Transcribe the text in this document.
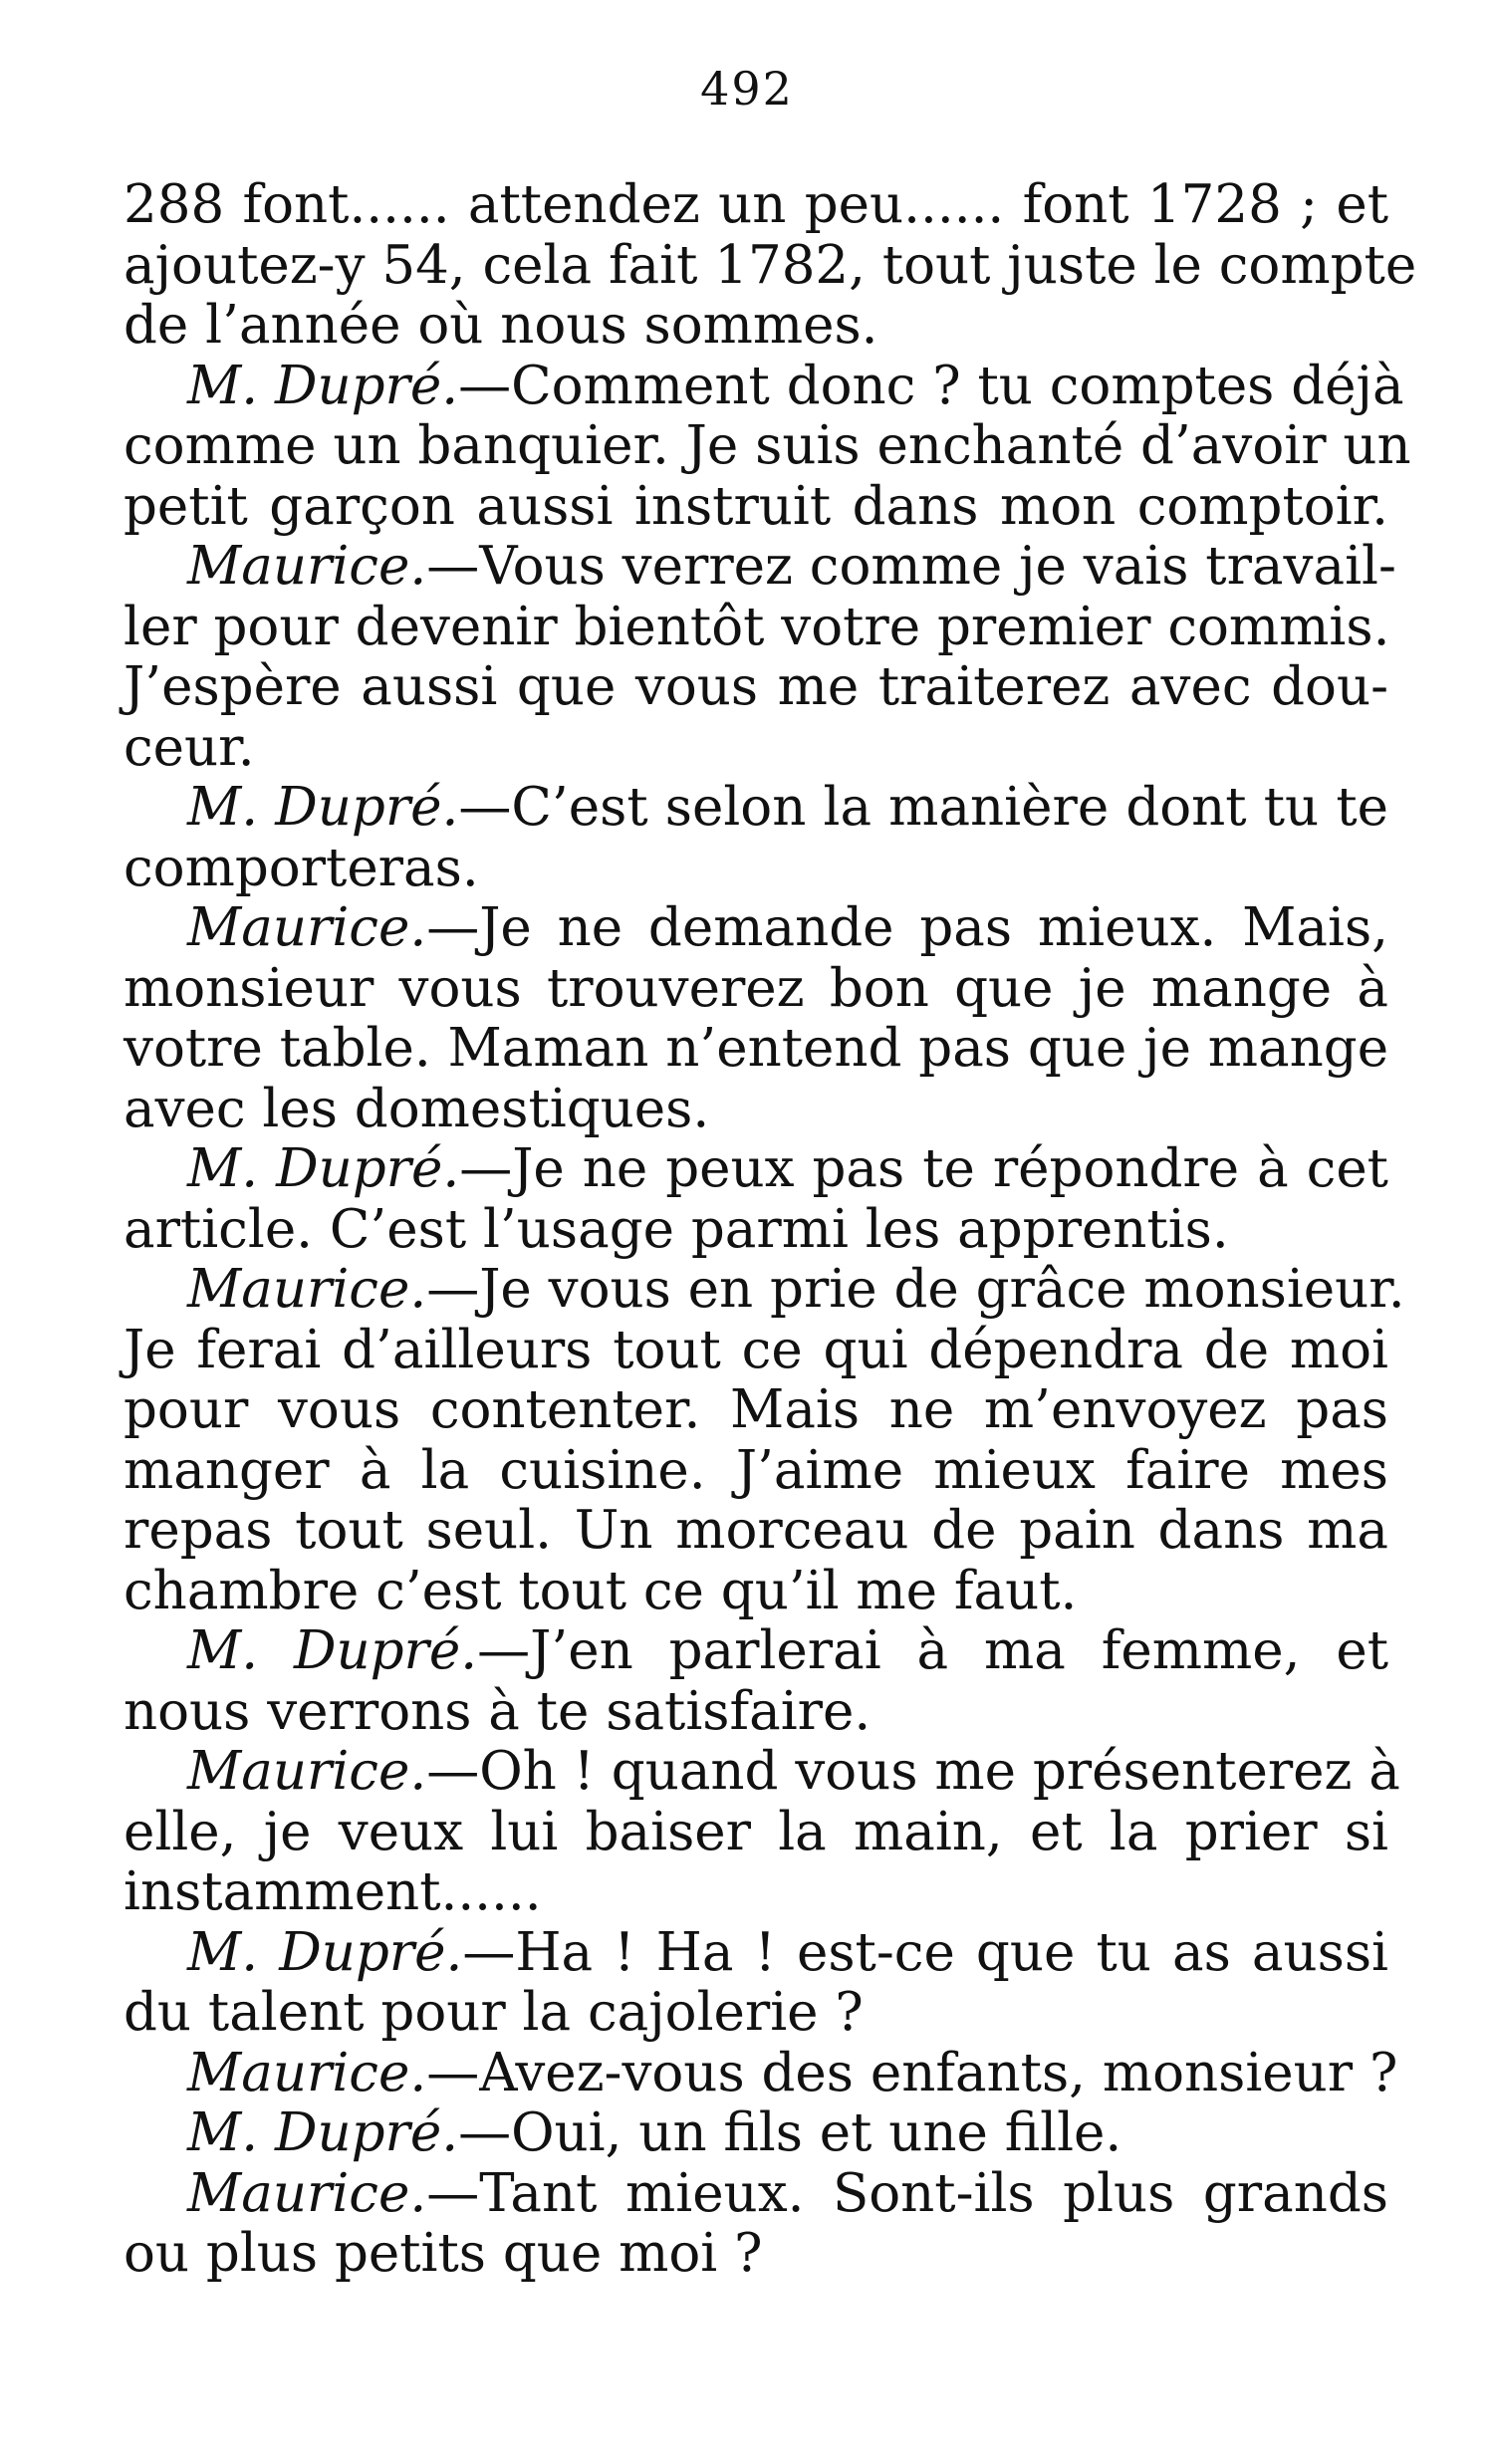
492
288 font...... attendez un peu...... font 1728 ; et
ajoutez-y 54, cela fait 1782, tout juste le compte
de l’année où nous sommes.
M. Dupré.—Comment donc ? tu comptes déjà
comme un banquier. Je suis enchanté d’avoir un
petit garçon aussi instruit dans mon comptoir.
Maurice.—Vous verrez comme je vais travail-
ler pour devenir bientôt votre premier commis.
J’espère aussi que vous me traiterez avec dou-
ceur.
M. Dupré.—C’est selon la manière dont tu te
comporteras.
Maurice.—Je ne demande pas mieux. Mais,
monsieur vous trouverez bon que je mange à
votre table. Maman n’entend pas que je mange
avec les domestiques.
M. Dupré.—Je ne peux pas te répondre à cet
article. C’est l’usage parmi les apprentis.
Maurice.—Je vous en prie de grâce monsieur.
Je ferai d’ailleurs tout ce qui dépendra de moi
pour vous contenter. Mais ne m’envoyez pas
manger à la cuisine. J’aime mieux faire mes
repas tout seul. Un morceau de pain dans ma
chambre c’est tout ce qu’il me faut.
M. Dupré.—J’en parlerai à ma femme, et
nous verrons à te satisfaire.
Maurice.—Oh ! quand vous me présenterez à
elle, je veux lui baiser la main, et la prier si
instamment......
M. Dupré.—Ha ! Ha ! est-ce que tu as aussi
du talent pour la cajolerie ?
Maurice.—Avez-vous des enfants, monsieur ?
M. Dupré.—Oui, un fils et une fille.
Maurice.—Tant mieux. Sont-ils plus grands
ou plus petits que moi ?
